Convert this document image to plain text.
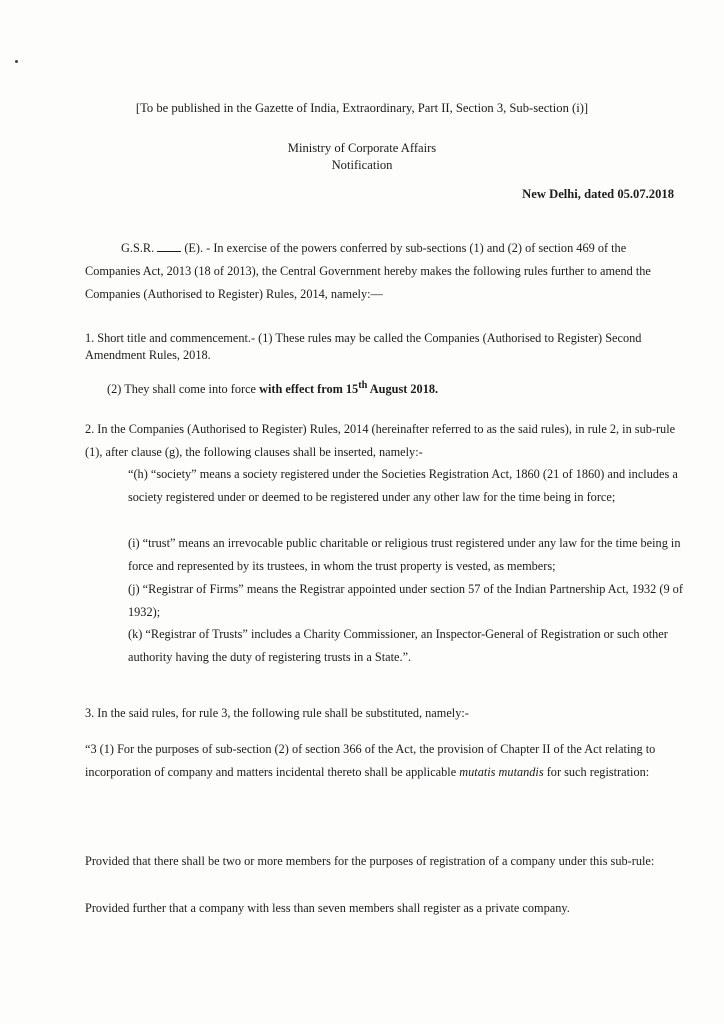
[To be published in the Gazette of India, Extraordinary, Part II, Section 3, Sub-section (i)]
Ministry of Corporate Affairs
Notification
New Delhi, dated 05.07.2018
G.S.R. (E). - In exercise of the powers conferred by sub-sections (1) and (2) of section 469 of the Companies Act, 2013 (18 of 2013), the Central Government hereby makes the following rules further to amend the Companies (Authorised to Register) Rules, 2014, namely:—
1. Short title and commencement.- (1) These rules may be called the Companies (Authorised to Register) Second Amendment Rules, 2018.
(2) They shall come into force with effect from 15th August 2018.
2. In the Companies (Authorised to Register) Rules, 2014 (hereinafter referred to as the said rules), in rule 2, in sub-rule (1), after clause (g), the following clauses shall be inserted, namely:-
“(h) “society” means a society registered under the Societies Registration Act, 1860 (21 of 1860) and includes a society registered under or deemed to be registered under any other law for the time being in force;
(i) “trust” means an irrevocable public charitable or religious trust registered under any law for the time being in force and represented by its trustees, in whom the trust property is vested, as members;
(j) “Registrar of Firms” means the Registrar appointed under section 57 of the Indian Partnership Act, 1932 (9 of 1932);
(k) “Registrar of Trusts” includes a Charity Commissioner, an Inspector-General of Registration or such other authority having the duty of registering trusts in a State.”.
3. In the said rules, for rule 3, the following rule shall be substituted, namely:-
“3 (1) For the purposes of sub-section (2) of section 366 of the Act, the provision of Chapter II of the Act relating to incorporation of company and matters incidental thereto shall be applicable mutatis mutandis for such registration:
Provided that there shall be two or more members for the purposes of registration of a company under this sub-rule:
Provided further that a company with less than seven members shall register as a private company.
